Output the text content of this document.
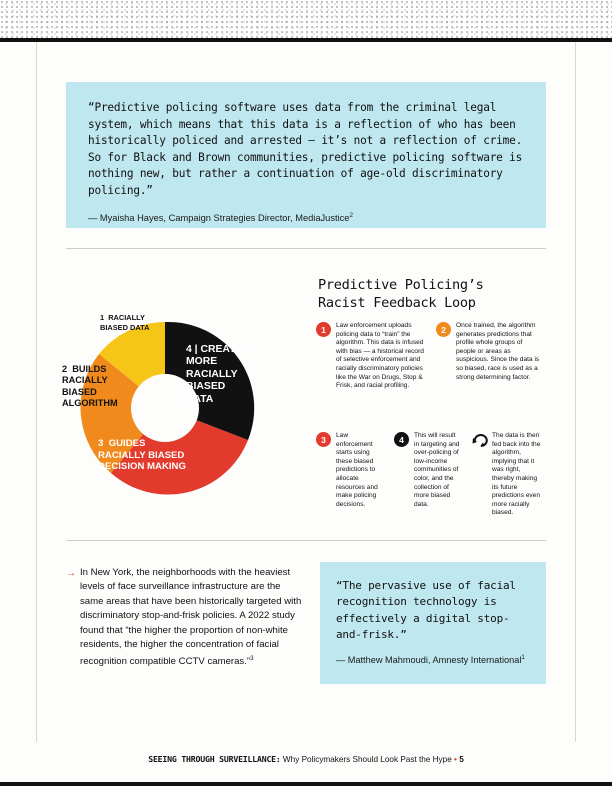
“Predictive policing software uses data from the criminal legal system, which means that this data is a reflection of who has been historically policed and arrested — it’s not a reflection of crime. So for Black and Brown communities, predictive policing software is nothing new, but rather a continuation of age-old discriminatory policing.”
— Myaisha Hayes, Campaign Strategies Director, MediaJustice$^2$
Predictive Policing’s
Racist Feedback Loop
1  RACIALLY
BIASED DATA
2  BUILDS
RACIALLY
BIASED
ALGORITHM
3  GUIDES
RACIALLY BIASED
DECISION MAKING
4 | CREATES
MORE
RACIALLY
BIASED
DATA
1	Law enforcement uploads policing data to “train” the algorithm. This data is infused with bias — a historical record of selective enforcement and racially discriminatory policies like the War on Drugs, Stop & Frisk, and racial profiling.
2	Once trained, the algorithm generates predictions that profile whole groups of people or areas as suspicious. Since the data is so biased, race is used as a strong determining factor.
3	Law enforcement starts using these biased predictions to allocate resources and make policing decisions.
4	This will result in targeting and over-policing of low-income communities of color, and the collection of more biased data.
The data is then fed back into the algorithm, implying that it was right, thereby making its future predictions even more racially biased.
→ In New York, the neighborhoods with the heaviest levels of face surveillance infrastructure are the same areas that have been historically targeted with discriminatory stop-and-frisk policies. A 2022 study found that “the higher the proportion of non-white residents, the higher the concentration of facial recognition compatible CCTV cameras.”$^3$
“The pervasive use of facial recognition technology is effectively a digital stop-and-frisk.”
— Matthew Mahmoudi, Amnesty International$^1$
SEEING THROUGH SURVEILLANCE: Why Policymakers Should Look Past the Hype • 5
